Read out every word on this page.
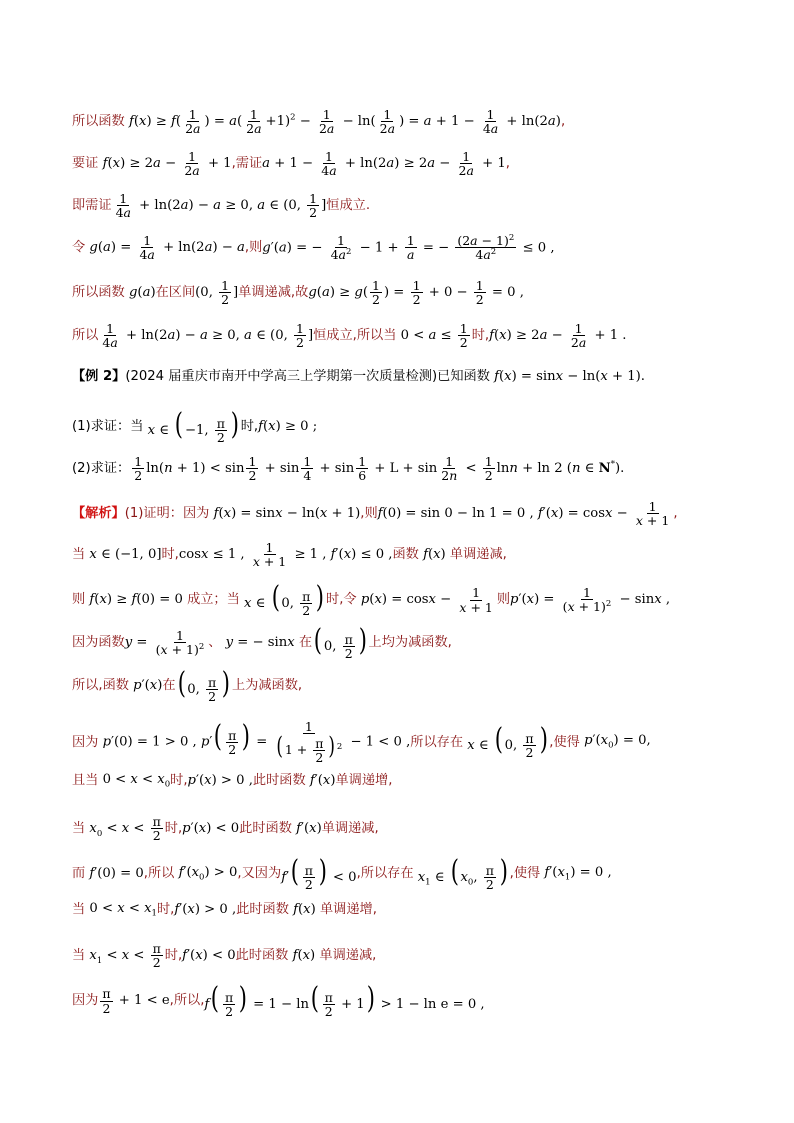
所以函数 $f(x) \ge f( \frac{1}{2a}$ ) = $a( \frac{1}{2a} +1)^2 - \frac{1}{2a} - \ln( \frac{1}{2a}$ ) = $a + 1 - \frac{1}{4a} + \ln(2a)$ ,
要证 $f(x) \ge 2a - \frac{1}{2a} + 1$ ,需证 $a + 1 - \frac{1}{4a} + \ln(2a) \ge 2a - \frac{1}{2a} + 1$ ,
即需证 $\frac{1}{4a} + \ln(2a) - a \ge 0$, a ∈ (0, $\frac{1}{2}$ ] 恒成立.
令 $g(a) = \frac{1}{4a} + \ln(2a) - a$ ,则 g′(a) = − $\frac{1}{4a^2} - 1 + \frac{1}{a}$ = − $\frac{(2a - 1)^2}{4a^2} \le 0$ ,
所以函数 g(a) 在区间 (0, $\frac{1}{2}$ ] 单调递减,故 $g(a) \ge g( \frac{1}{2}$ ) = $\frac{1}{2} + 0 - \frac{1}{2} = 0$ ,
所以 $\frac{1}{4a} + \ln(2a) - a \ge 0$, a ∈ (0, $\frac{1}{2}$ ] 恒成立,所以当 $0 < a \le \frac{1}{2}$ 时, $f(x) \ge 2a - \frac{1}{2a} + 1$ .
【例 2】 (2024 届重庆市南开中学高三上学期第一次质量检测) 已知函数 f(x) = sinx − ln(x + 1).
(1) 求证：当 x ∈ ( −1, $\frac{\pi}{2}$ ) 时, f(x) ≥ 0 ;
(2) 求证： $\frac{1}{2} \ln(n + 1) < \sin \frac{1}{2} + \sin \frac{1}{4} + \sin \frac{1}{6} + L + \sin \frac{1}{2n} < \frac{1}{2}$ lnn + ln 2 (n ∈ N*).
【解析】 (1)证明：因为 f(x) = sinx − ln(x + 1) ,则 f(0) = sin 0 − ln 1 = 0 , $f'(x) = \cos x - \frac{1}{x + 1}$ ,
当 x ∈ (−1, 0] 时, cosx ≤ 1 , $\frac{1}{x + 1} \ge 1$ , f′(x) ≤ 0 , 函数 f(x) 单调递减,
则 f(x) ≥ f(0) = 0 成立；当 x ∈ ( 0, $\frac{\pi}{2}$ ) 时,令 $p(x) = \cos x - \frac{1}{x + 1}$ 则 $p'(x) = \frac{1}{(x + 1)^2} - \sin x$ ,
因为函数 $y = \frac{1}{(x + 1)^2}$ 、 y = − sinx 在 ( 0, $\frac{\pi}{2}$ ) 上均为减函数,
所以,函数 p′(x) 在 ( 0, $\frac{\pi}{2}$ ) 上为减函数,
因为 p′(0) = 1 > 0 , $p'( \frac{\pi}{2}$ ) = $\frac{1}{(1 + \frac{\pi}{2} )^2} - 1 < 0$ , 所以存在 x ∈ ( 0, $\frac{\pi}{2}$ ) ,使得 $p'(x_0) = 0$,
且当 $0 < x < x_0$ 时, p′(x) > 0 , 此时函数 f′(x) 单调递增,
当 $x_0 < x < \frac{\pi}{2}$ 时, p′(x) < 0 此时函数 f′(x) 单调递减,
而 f′(0) = 0 ,所以 $f'(x_0) > 0$ ,又因为 $f'( \frac{\pi}{2}$ ) < 0 ,所以存在 $x_1$ ∈ ( $x_0$, $\frac{\pi}{2}$ ) ,使得 $f'(x_1) = 0$ ,
当 $0 < x < x_1$ 时, f′(x) > 0 , 此时函数 f(x) 单调递增,
当 $x_1 < x < \frac{\pi}{2}$ 时, f′(x) < 0 此时函数 f(x) 单调递减,
因为 $\frac{\pi}{2} + 1 < e$ ,所以, $f( \frac{\pi}{2}$ ) = $1 - \ln( \frac{\pi}{2} + 1) > 1 - \ln e = 0$ ,
